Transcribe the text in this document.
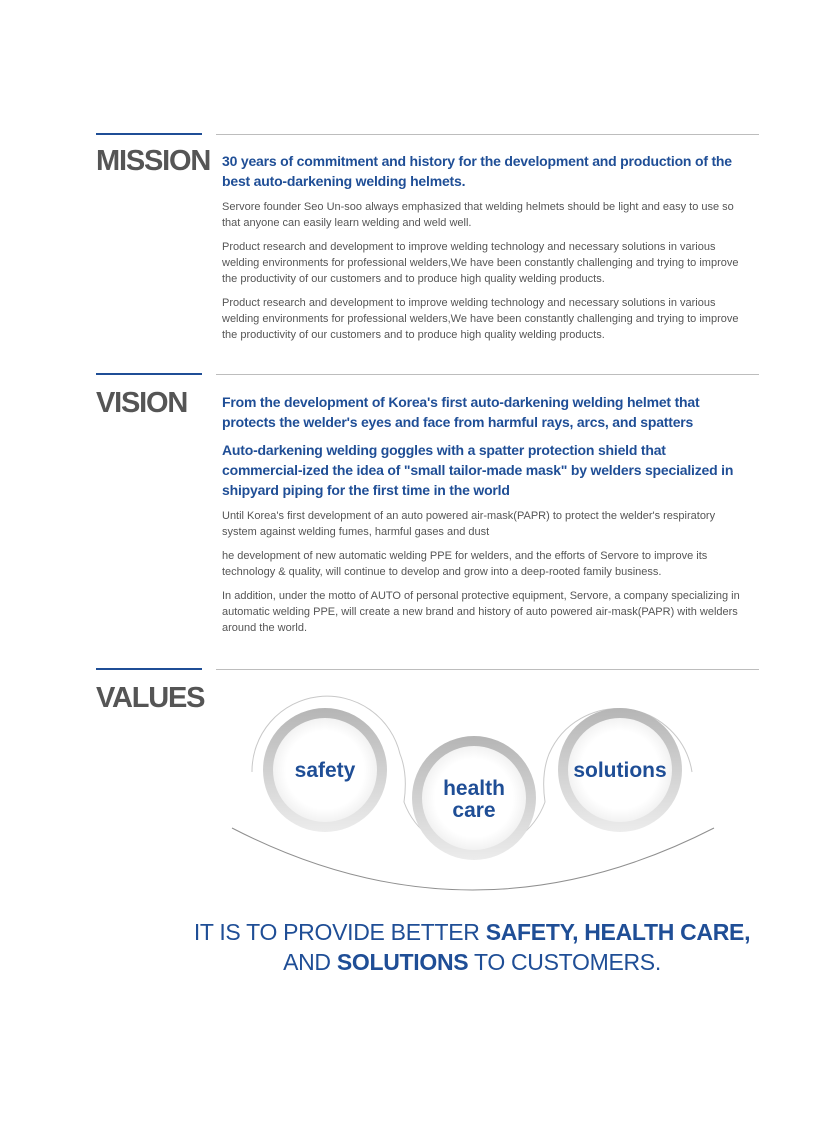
MISSION 30 years of commitment and history for the development and production of the best auto-darkening welding helmets.

Servore founder Seo Un-soo always emphasized that welding helmets should be light and easy to use so that anyone can easily learn welding and weld well.

Product research and development to improve welding technology and necessary solutions in various welding environments for professional welders,We have been constantly challenging and trying to improve the productivity of our customers and to produce high quality welding products.

Product research and development to improve welding technology and necessary solutions in various welding environments for professional welders,We have been constantly challenging and trying to improve the productivity of our customers and to produce high quality welding products.

VISION From the development of Korea's first auto-darkening welding helmet that protects the welder's eyes and face from harmful rays, arcs, and spatters

Auto-darkening welding goggles with a spatter protection shield that commercial-ized the idea of "small tailor-made mask" by welders specialized in shipyard piping for the first time in the world

Until Korea's first development of an auto powered air-mask(PAPR) to protect the welder's respiratory system against welding fumes, harmful gases and dust

he development of new automatic welding PPE for welders, and the efforts of Servore to improve its technology & quality, will continue to develop and grow into a deep-rooted family business.

In addition, under the motto of AUTO of personal protective equipment, Servore, a company specializing in automatic welding PPE, will create a new brand and history of auto powered air-mask(PAPR) with welders around the world.

VALUES
safety
health
care
solutions

IT IS TO PROVIDE BETTER SAFETY, HEALTH CARE,

AND SOLUTIONS TO CUSTOMERS.
